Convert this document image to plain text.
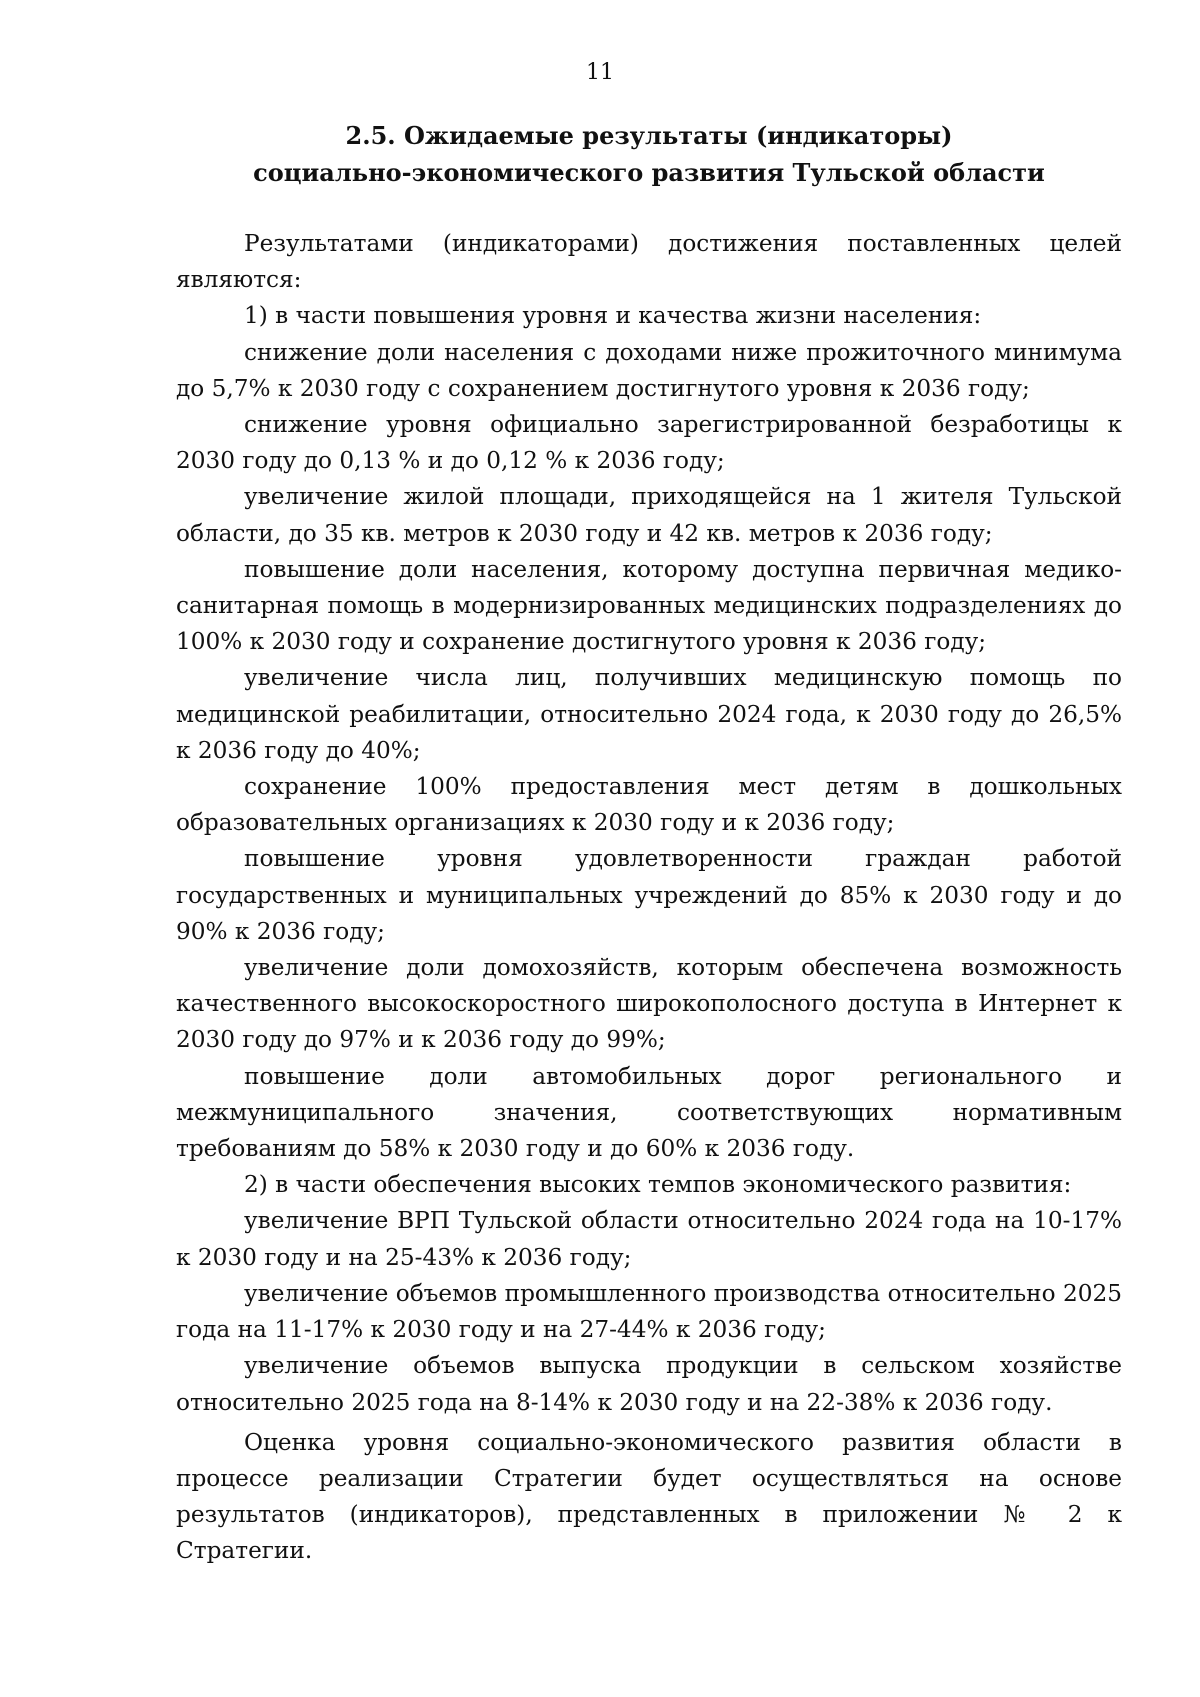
11
2.5. Ожидаемые результаты (индикаторы)
социально-экономического развития Тульской области

Результатами (индикаторами) достижения поставленных целей являются:

1) в части повышения уровня и качества жизни населения:

снижение доли населения с доходами ниже прожиточного минимума до 5,7% к 2030 году с сохранением достигнутого уровня к 2036 году;

снижение уровня официально зарегистрированной безработицы к 2030 году до 0,13 % и до 0,12 % к 2036 году;

увеличение жилой площади, приходящейся на 1 жителя Тульской области, до 35 кв. метров к 2030 году и 42 кв. метров к 2036 году;

повышение доли населения, которому доступна первичная медико-санитарная помощь в модернизированных медицинских подразделениях до 100% к 2030 году и сохранение достигнутого уровня к 2036 году;

увеличение числа лиц, получивших медицинскую помощь по медицинской реабилитации, относительно 2024 года, к 2030 году до 26,5% к 2036 году до 40%;

сохранение 100% предоставления мест детям в дошкольных образовательных организациях к 2030 году и к 2036 году;

повышение уровня удовлетворенности граждан работой государственных и муниципальных учреждений до 85% к 2030 году и до 90% к 2036 году;

увеличение доли домохозяйств, которым обеспечена возможность качественного высокоскоростного широкополосного доступа в Интернет к 2030 году до 97% и к 2036 году до 99%;

повышение доли автомобильных дорог регионального и межмуниципального значения, соответствующих нормативным требованиям до 58% к 2030 году и до 60% к 2036 году.

2) в части обеспечения высоких темпов экономического развития:

увеличение ВРП Тульской области относительно 2024 года на 10-17% к 2030 году и на 25-43% к 2036 году;

увеличение объемов промышленного производства относительно 2025 года на 11-17% к 2030 году и на 27-44% к 2036 году;

увеличение объемов выпуска продукции в сельском хозяйстве относительно 2025 года на 8-14% к 2030 году и на 22-38% к 2036 году.

Оценка уровня социально-экономического развития области в процессе реализации Стратегии будет осуществляться на основе результатов (индикаторов), представленных в приложении № 2 к Стратегии.
